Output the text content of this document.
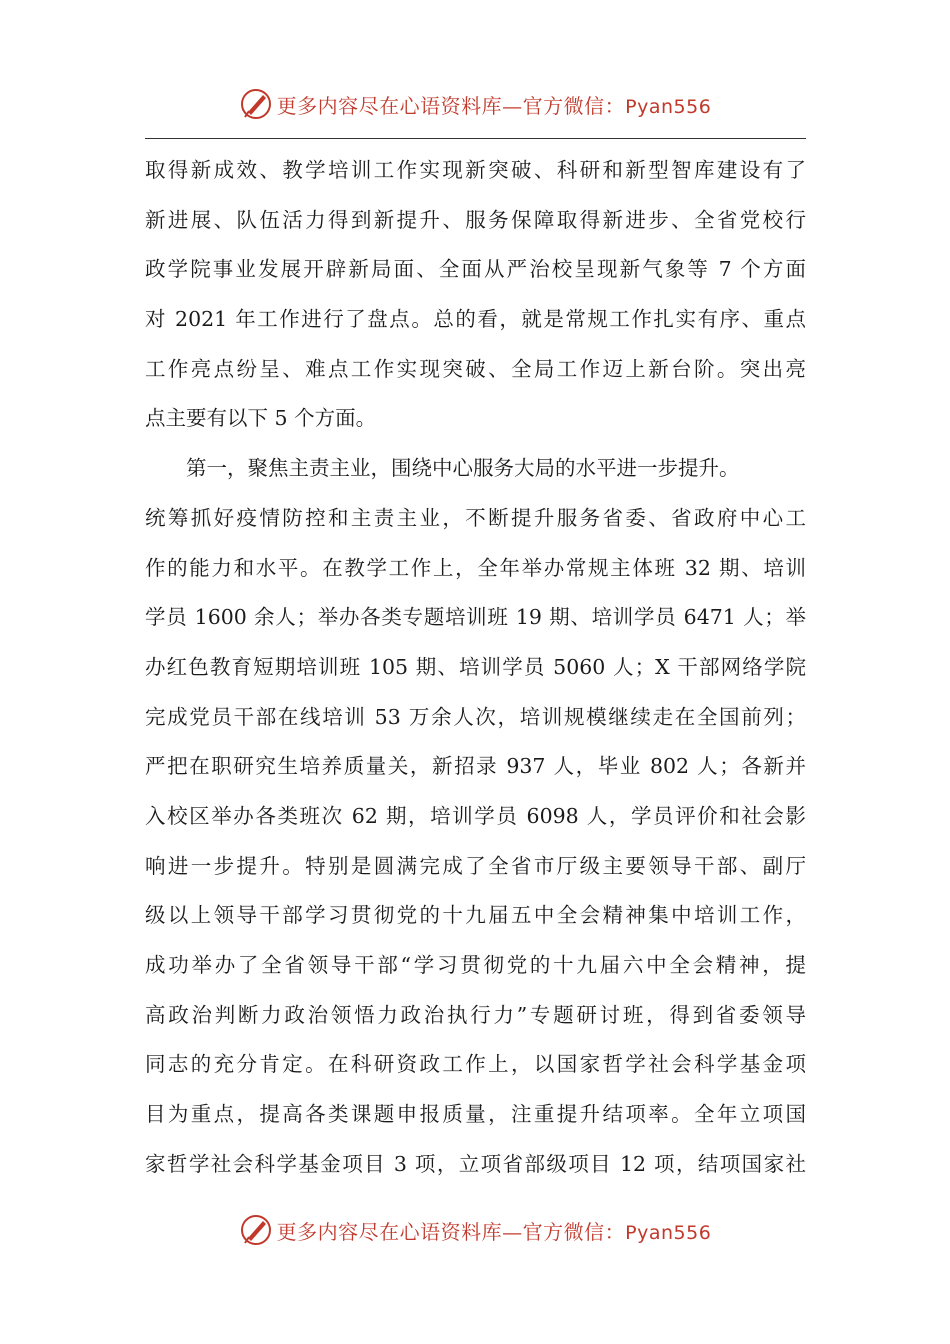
更多内容尽在心语资料库—官方微信：Pyan556
取得新成效、教学培训工作实现新突破、科研和新型智库建设有了
新进展、队伍活力得到新提升、服务保障取得新进步、全省党校行
政学院事业发展开辟新局面、全面从严治校呈现新气象等 7 个方面
对 2021 年工作进行了盘点。总的看，就是常规工作扎实有序、重点
工作亮点纷呈、难点工作实现突破、全局工作迈上新台阶。突出亮
点主要有以下 5 个方面。
第一，聚焦主责主业，围绕中心服务大局的水平进一步提升。
统筹抓好疫情防控和主责主业，不断提升服务省委、省政府中心工
作的能力和水平。在教学工作上，全年举办常规主体班 32 期、培训
学员 1600 余人；举办各类专题培训班 19 期、培训学员 6471 人；举
办红色教育短期培训班 105 期、培训学员 5060 人；X 干部网络学院
完成党员干部在线培训 53 万余人次，培训规模继续走在全国前列；
严把在职研究生培养质量关，新招录 937 人，毕业 802 人；各新并
入校区举办各类班次 62 期，培训学员 6098 人，学员评价和社会影
响进一步提升。特别是圆满完成了全省市厅级主要领导干部、副厅
级以上领导干部学习贯彻党的十九届五中全会精神集中培训工作，
成功举办了全省领导干部“学习贯彻党的十九届六中全会精神，提
高政治判断力政治领悟力政治执行力”专题研讨班，得到省委领导
同志的充分肯定。在科研资政工作上，以国家哲学社会科学基金项
目为重点，提高各类课题申报质量，注重提升结项率。全年立项国
家哲学社会科学基金项目 3 项，立项省部级项目 12 项，结项国家社
更多内容尽在心语资料库—官方微信：Pyan556
